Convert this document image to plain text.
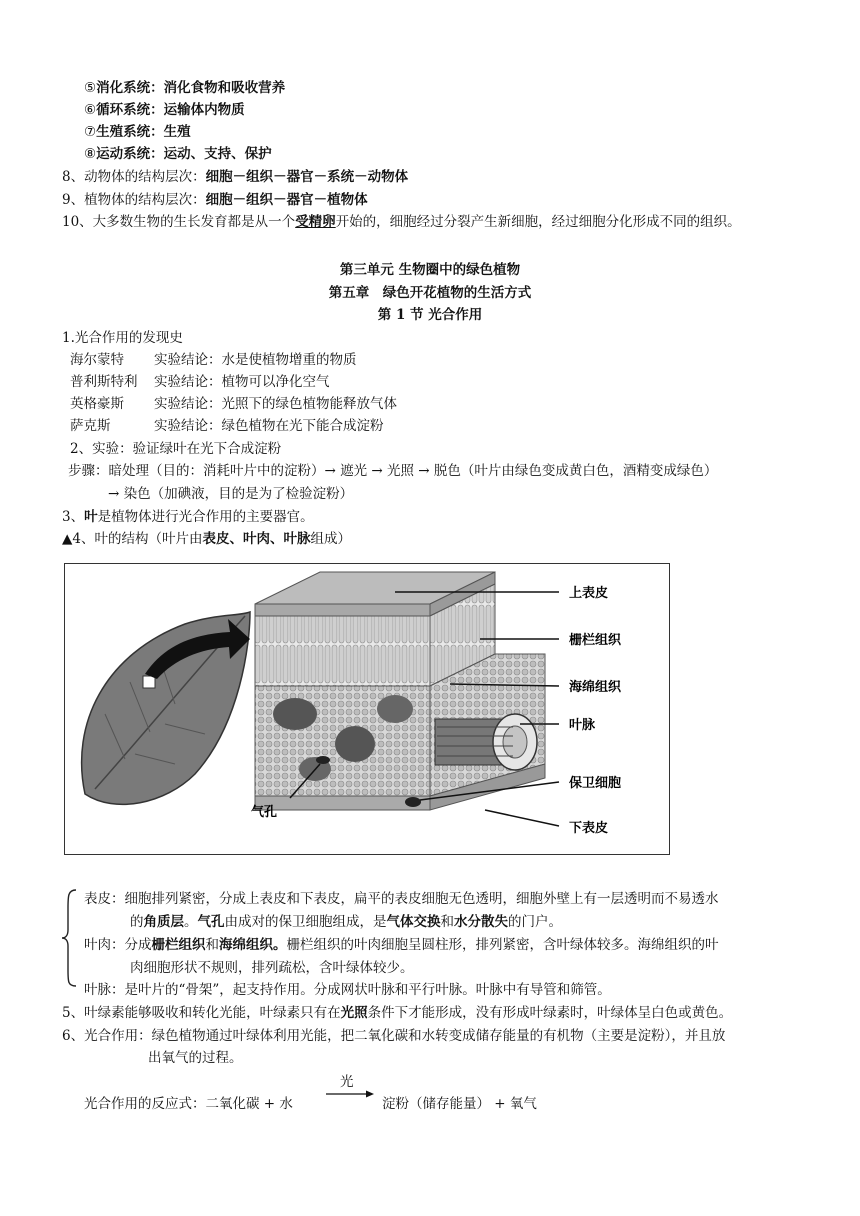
⑤消化系统：消化食物和吸收营养
⑥循环系统：运输体内物质
⑦生殖系统：生殖
⑧运动系统：运动、支持、保护
8、动物体的结构层次：细胞－组织－器官－系统－动物体
9、植物体的结构层次：细胞－组织－器官－植物体
10、大多数生物的生长发育都是从一个受精卵开始的，细胞经过分裂产生新细胞，经过细胞分化形成不同的组织。
第三单元 生物圈中的绿色植物
第五章　绿色开花植物的生活方式
第 1 节 光合作用
1.光合作用的发现史
海尔蒙特 实验结论：水是使植物增重的物质
普利斯特利 实验结论：植物可以净化空气
英格豪斯 实验结论：光照下的绿色植物能释放气体
萨克斯	实验结论：绿色植物在光下能合成淀粉
2、实验：验证绿叶在光下合成淀粉
步骤：暗处理（目的：消耗叶片中的淀粉）→ 遮光 → 光照 → 脱色（叶片由绿色变成黄白色，酒精变成绿色）
→ 染色（加碘液，目的是为了检验淀粉）
3、叶是植物体进行光合作用的主要器官。
▲4、叶的结构（叶片由表皮、叶肉、叶脉组成）
上表皮
栅栏组织
海绵组织
叶脉
保卫细胞
下表皮
气孔
表皮：细胞排列紧密，分成上表皮和下表皮，扁平的表皮细胞无色透明，细胞外壁上有一层透明而不易透水
的角质层。气孔由成对的保卫细胞组成，是气体交换和水分散失的门户。
叶肉：分成栅栏组织和海绵组织。栅栏组织的叶肉细胞呈圆柱形，排列紧密，含叶绿体较多。海绵组织的叶
肉细胞形状不规则，排列疏松，含叶绿体较少。
叶脉：是叶片的“骨架”，起支持作用。分成网状叶脉和平行叶脉。叶脉中有导管和筛管。
5、叶绿素能够吸收和转化光能，叶绿素只有在光照条件下才能形成，没有形成叶绿素时，叶绿体呈白色或黄色。
6、光合作用：绿色植物通过叶绿体利用光能，把二氧化碳和水转变成储存能量的有机物（主要是淀粉），并且放
出氧气的过程。
光合作用的反应式：二氧化碳 + 水
光
淀粉（储存能量） + 氧气
